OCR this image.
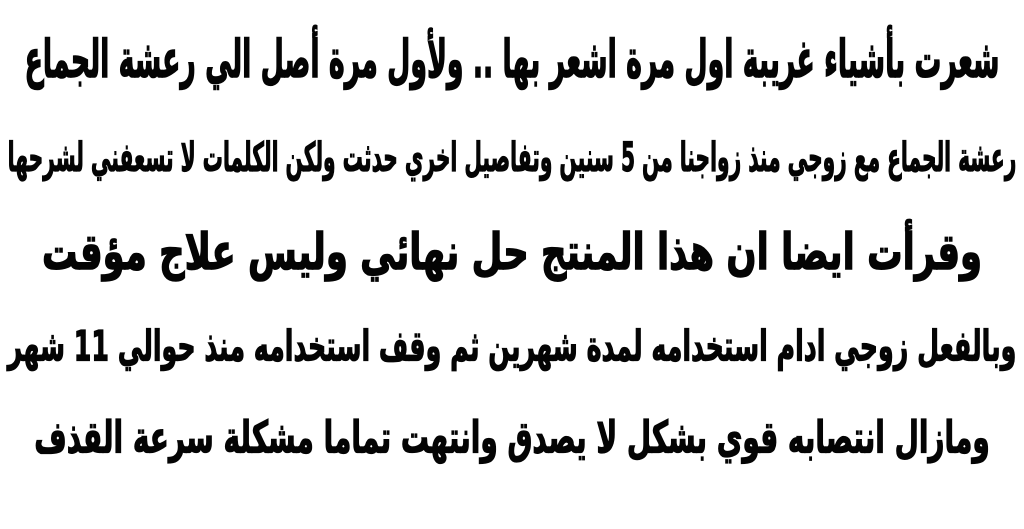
شعرت بأشياء غريبة اول مرة اشعر بها .. ولأول مرة أصل الي رعشة الجماع
رعشة الجماع مع زوجي منذ زواجنا من 5 سنين وتفاصيل اخري حدثت ولكن الكلمات لا تسعفني لشرحها
وقرأت ايضا ان هذا المنتج حل نهائي وليس علاج مؤقت
وبالفعل زوجي ادام استخدامه لمدة شهرين ثم وقف استخدامه منذ حوالي 11 شهر
ومازال انتصابه قوي بشكل لا يصدق وانتهت تماما مشكلة سرعة القذف
